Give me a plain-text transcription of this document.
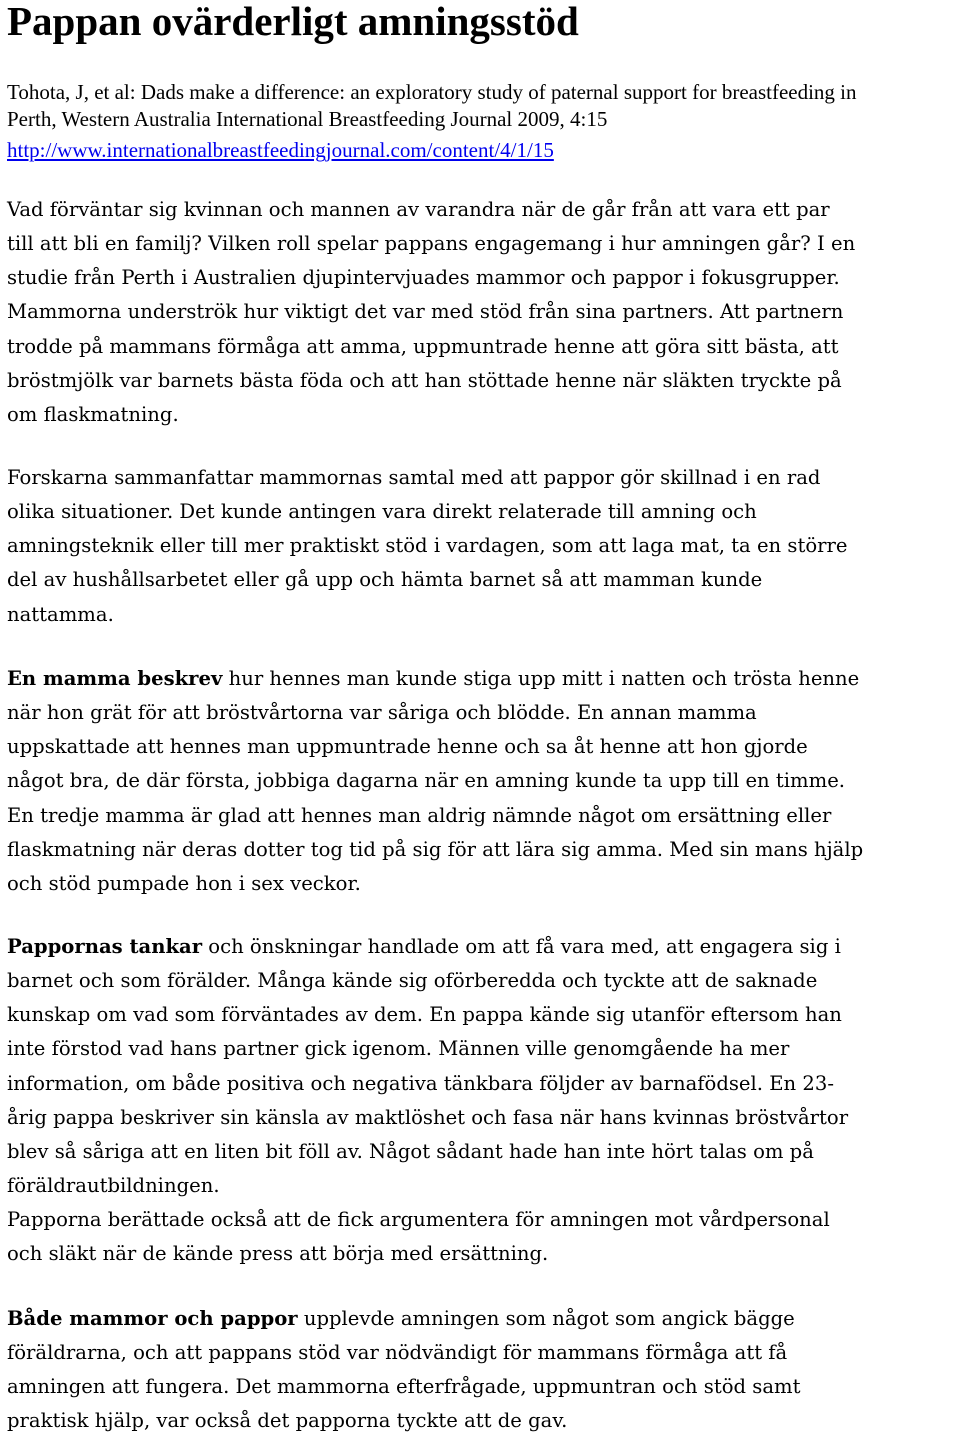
Pappan ovärderligt amningsstöd

Tohota, J, et al: Dads make a difference: an exploratory study of paternal support for breastfeeding in
Perth, Western Australia International Breastfeeding Journal 2009, 4:15

http://www.internationalbreastfeedingjournal.com/content/4/1/15

Vad förväntar sig kvinnan och mannen av varandra när de går från att vara ett par
till att bli en familj? Vilken roll spelar pappans engagemang i hur amningen går? I en
studie från Perth i Australien djupintervjuades mammor och pappor i fokusgrupper.
Mammorna underströk hur viktigt det var med stöd från sina partners. Att partnern
trodde på mammans förmåga att amma, uppmuntrade henne att göra sitt bästa, att
bröstmjölk var barnets bästa föda och att han stöttade henne när släkten tryckte på
om flaskmatning.

Forskarna sammanfattar mammornas samtal med att pappor gör skillnad i en rad
olika situationer. Det kunde antingen vara direkt relaterade till amning och
amningsteknik eller till mer praktiskt stöd i vardagen, som att laga mat, ta en större
del av hushållsarbetet eller gå upp och hämta barnet så att mamman kunde
nattamma.

En mamma beskrev hur hennes man kunde stiga upp mitt i natten och trösta henne
när hon grät för att bröstvårtorna var såriga och blödde. En annan mamma
uppskattade att hennes man uppmuntrade henne och sa åt henne att hon gjorde
något bra, de där första, jobbiga dagarna när en amning kunde ta upp till en timme.
En tredje mamma är glad att hennes man aldrig nämnde något om ersättning eller
flaskmatning när deras dotter tog tid på sig för att lära sig amma. Med sin mans hjälp
och stöd pumpade hon i sex veckor.

Pappornas tankar och önskningar handlade om att få vara med, att engagera sig i
barnet och som förälder. Många kände sig oförberedda och tyckte att de saknade
kunskap om vad som förväntades av dem. En pappa kände sig utanför eftersom han
inte förstod vad hans partner gick igenom. Männen ville genomgående ha mer
information, om både positiva och negativa tänkbara följder av barnafödsel. En 23-
årig pappa beskriver sin känsla av maktlöshet och fasa när hans kvinnas bröstvårtor
blev så såriga att en liten bit föll av. Något sådant hade han inte hört talas om på
föräldrautbildningen.
Papporna berättade också att de fick argumentera för amningen mot vårdpersonal
och släkt när de kände press att börja med ersättning.

Både mammor och pappor upplevde amningen som något som angick bägge
föräldrarna, och att pappans stöd var nödvändigt för mammans förmåga att få
amningen att fungera. Det mammorna efterfrågade, uppmuntran och stöd samt
praktisk hjälp, var också det papporna tyckte att de gav.
